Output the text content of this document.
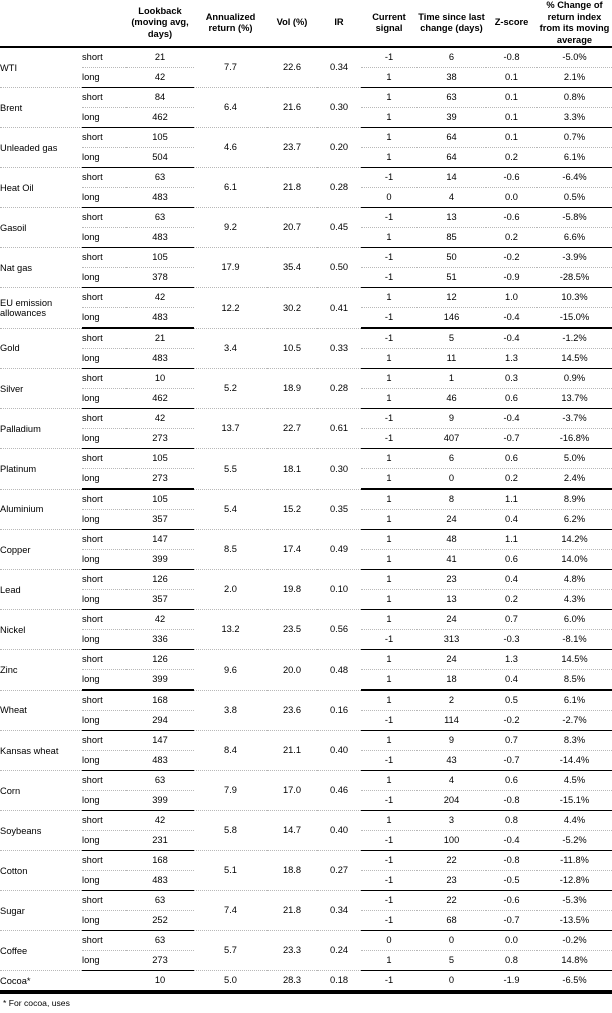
		Lookback (moving avg, days)	Annualized return (%)	Vol (%)	IR	Current signal	Time since last change (days)	Z-score	% Change of return index from its moving average
WTI	short	21	7.7	22.6	0.34	-1	6	-0.8	-5.0%
	long	42				1	38	0.1	2.1%
Brent	short	84	6.4	21.6	0.30	1	63	0.1	0.8%
	long	462				1	39	0.1	3.3%
Unleaded gas	short	105	4.6	23.7	0.20	1	64	0.1	0.7%
	long	504				1	64	0.2	6.1%
Heat Oil	short	63	6.1	21.8	0.28	-1	14	-0.6	-6.4%
	long	483				0	4	0.0	0.5%
Gasoil	short	63	9.2	20.7	0.45	-1	13	-0.6	-5.8%
	long	483				1	85	0.2	6.6%
Nat gas	short	105	17.9	35.4	0.50	-1	50	-0.2	-3.9%
	long	378				-1	51	-0.9	-28.5%
EU emission allowances	short	42	12.2	30.2	0.41	1	12	1.0	10.3%
	long	483				-1	146	-0.4	-15.0%
Gold	short	21	3.4	10.5	0.33	-1	5	-0.4	-1.2%
	long	483				1	11	1.3	14.5%
Silver	short	10	5.2	18.9	0.28	1	1	0.3	0.9%
	long	462				1	46	0.6	13.7%
Palladium	short	42	13.7	22.7	0.61	-1	9	-0.4	-3.7%
	long	273				-1	407	-0.7	-16.8%
Platinum	short	105	5.5	18.1	0.30	1	6	0.6	5.0%
	long	273				1	0	0.2	2.4%
Aluminium	short	105	5.4	15.2	0.35	1	8	1.1	8.9%
	long	357				1	24	0.4	6.2%
Copper	short	147	8.5	17.4	0.49	1	48	1.1	14.2%
	long	399				1	41	0.6	14.0%
Lead	short	126	2.0	19.8	0.10	1	23	0.4	4.8%
	long	357				1	13	0.2	4.3%
Nickel	short	42	13.2	23.5	0.56	1	24	0.7	6.0%
	long	336				-1	313	-0.3	-8.1%
Zinc	short	126	9.6	20.0	0.48	1	24	1.3	14.5%
	long	399				1	18	0.4	8.5%
Wheat	short	168	3.8	23.6	0.16	1	2	0.5	6.1%
	long	294				-1	114	-0.2	-2.7%
Kansas wheat	short	147	8.4	21.1	0.40	1	9	0.7	8.3%
	long	483				-1	43	-0.7	-14.4%
Corn	short	63	7.9	17.0	0.46	1	4	0.6	4.5%
	long	399				-1	204	-0.8	-15.1%
Soybeans	short	42	5.8	14.7	0.40	1	3	0.8	4.4%
	long	231				-1	100	-0.4	-5.2%
Cotton	short	168	5.1	18.8	0.27	-1	22	-0.8	-11.8%
	long	483				-1	23	-0.5	-12.8%
Sugar	short	63	7.4	21.8	0.34	-1	22	-0.6	-5.3%
	long	252				-1	68	-0.7	-13.5%
Coffee	short	63	5.7	23.3	0.24	0	0	0.0	-0.2%
	long	273				1	5	0.8	14.8%
Cocoa*		10	5.0	28.3	0.18	-1	0	-1.9	-6.5%
* For cocoa, uses
